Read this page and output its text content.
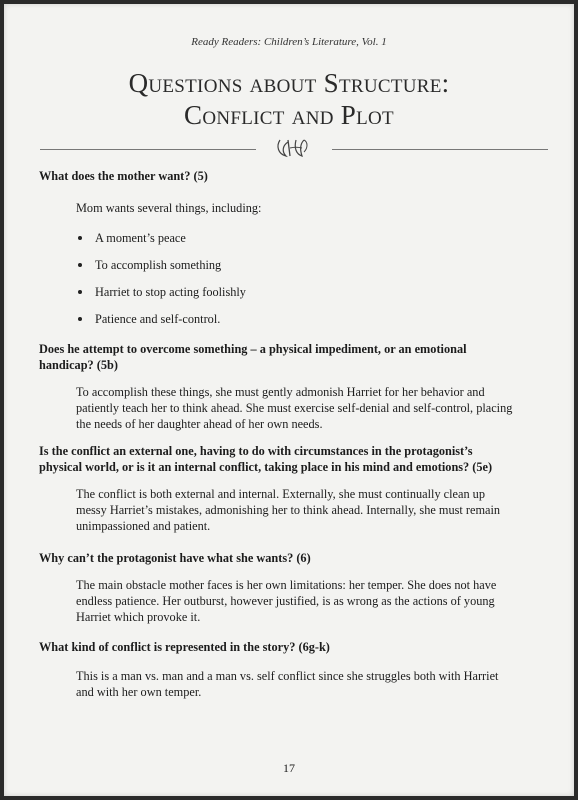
Ready Readers: Children’s Literature, Vol. 1
Questions about Structure:
Conflict and Plot

What does the mother want? (5)

Mom wants several things, including:

A moment’s peace
To accomplish something
Harriet to stop acting foolishly
Patience and self-control.

Does he attempt to overcome something – a physical impediment, or an emotional
handicap? (5b)

To accomplish these things, she must gently admonish Harriet for her behavior and
patiently teach her to think ahead. She must exercise self-denial and self-control, placing
the needs of her daughter ahead of her own needs.

Is the conflict an external one, having to do with circumstances in the protagonist’s
physical world, or is it an internal conflict, taking place in his mind and emotions? (5e)

The conflict is both external and internal. Externally, she must continually clean up
messy Harriet’s mistakes, admonishing her to think ahead. Internally, she must remain
unimpassioned and patient.

Why can’t the protagonist have what she wants? (6)

The main obstacle mother faces is her own limitations: her temper. She does not have
endless patience. Her outburst, however justified, is as wrong as the actions of young
Harriet which provoke it.

What kind of conflict is represented in the story? (6g-k)

This is a man vs. man and a man vs. self conflict since she struggles both with Harriet
and with her own temper.

17
